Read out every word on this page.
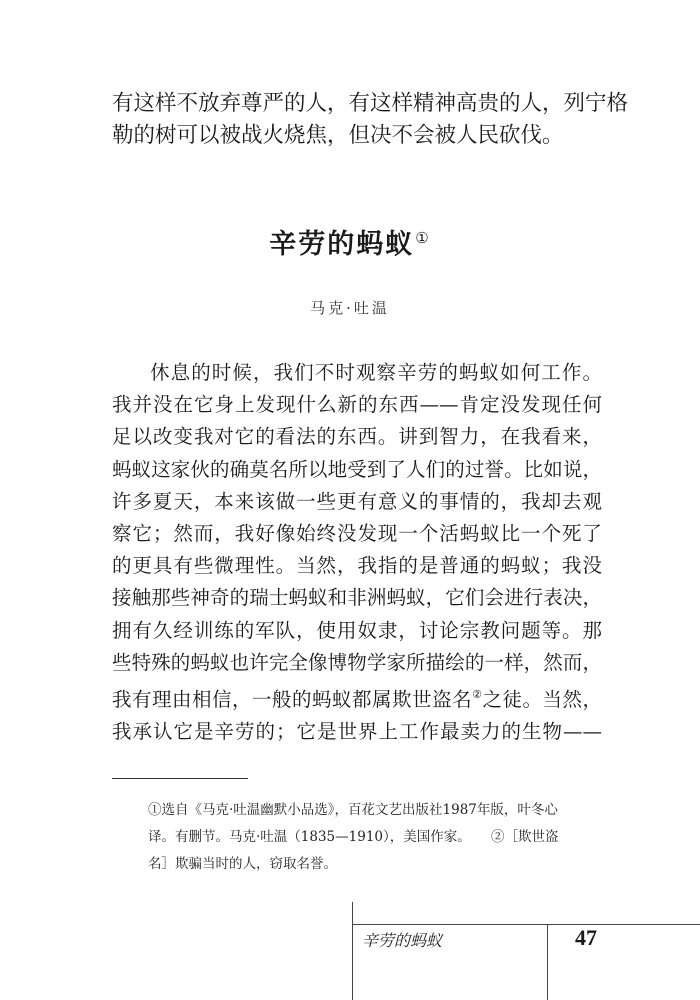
有这样不放弃尊严的人，有这样精神高贵的人，列宁格

勒的树可以被战火烧焦，但决不会被人民砍伐。

辛劳的蚂蚁①
马克·吐温

休息的时候，我们不时观察辛劳的蚂蚁如何工作。

我并没在它身上发现什么新的东西——肯定没发现任何

足以改变我对它的看法的东西。讲到智力，在我看来，

蚂蚁这家伙的确莫名所以地受到了人们的过誉。比如说，

许多夏天，本来该做一些更有意义的事情的，我却去观

察它；然而，我好像始终没发现一个活蚂蚁比一个死了

的更具有些微理性。当然，我指的是普通的蚂蚁；我没

接触那些神奇的瑞士蚂蚁和非洲蚂蚁，它们会进行表决，

拥有久经训练的军队，使用奴隶，讨论宗教问题等。那

些特殊的蚂蚁也许完全像博物学家所描绘的一样，然而，

我有理由相信，一般的蚂蚁都属欺世盗名②之徒。当然，

我承认它是辛劳的；它是世界上工作最卖力的生物——

①选自《马克·吐温幽默小品选》，百花文艺出版社1987年版，叶冬心

译。有删节。马克·吐温（1835—1910），美国作家。　　②［欺世盗

名］欺骗当时的人，窃取名誉。

辛劳的蚂蚁	47
